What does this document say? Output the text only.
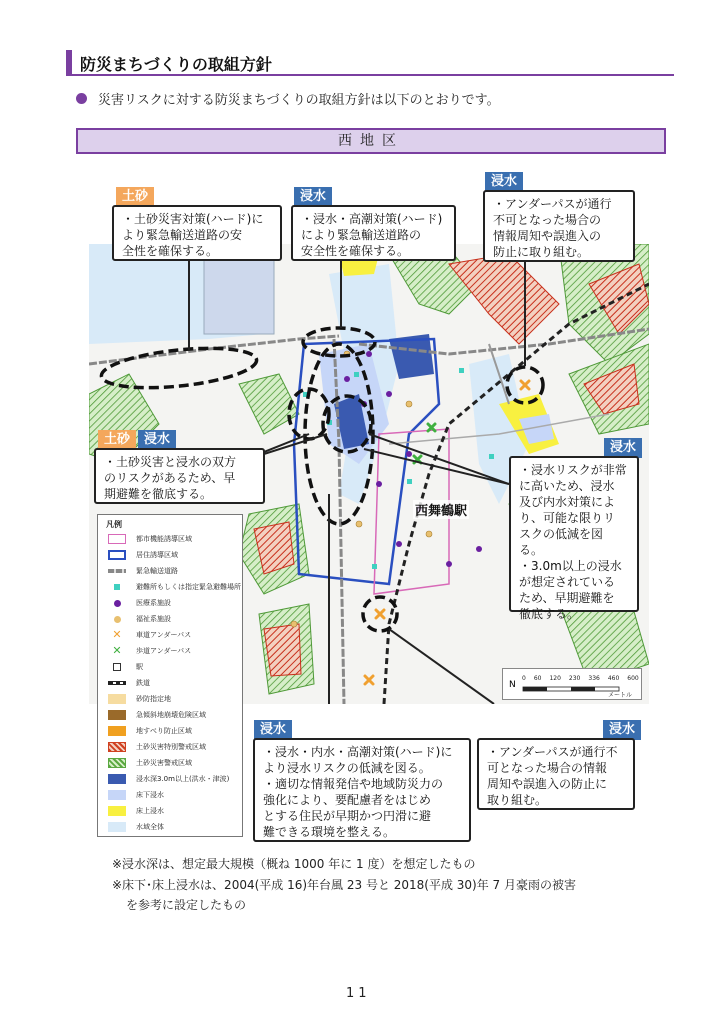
防災まちづくりの取組方針
災害リスクに対する防災まちづくりの取組方針は以下のとおりです。
西地区
西舞鶴駅
N
0 60 120 230 336 460 600
メートル
土砂	浸水
浸水
土砂	浸水
浸水
浸水	浸水
・土砂災害対策(ハード)に
より緊急輸送道路の安
全性を確保する。
・浸水・高潮対策(ハード)
により緊急輸送道路の
安全性を確保する。
・アンダーパスが通行
不可となった場合の
情報周知や誤進入の
防止に取り組む。
・土砂災害と浸水の双方
のリスクがあるため、早
期避難を徹底する。
・浸水リスクが非常
に高いため、浸水
及び内水対策によ
り、可能な限りリ
スクの低減を図
る。
・3.0m以上の浸水
が想定されている
ため、早期避難を
徹底する。
・浸水・内水・高潮対策(ハード)に
より浸水リスクの低減を図る。
・適切な情報発信や地域防災力の
強化により、要配慮者をはじめ
とする住民が早期かつ円滑に避
難できる環境を整える。
・アンダーパスが通行不
可となった場合の情報
周知や誤進入の防止に
取り組む。
凡例
都市機能誘導区域
居住誘導区域
緊急輸送道路
避難所もしくは指定緊急避難場所
医療系施設
福祉系施設
✕ 車道アンダーパス
✕ 歩道アンダーパス
駅
鉄道
砂防指定地
急傾斜地崩壊危険区域
地すべり防止区域
土砂災害特別警戒区域
土砂災害警戒区域
浸水深3.0m以上(洪水・津波)
床下浸水
床上浸水
水域全体
※浸水深は、想定最大規模（概ね 1000 年に 1 度）を想定したもの
※床下･床上浸水は、2004(平成 16)年台風 23 号と 2018(平成 30)年 7 月豪雨の被害
を参考に設定したもの
11
